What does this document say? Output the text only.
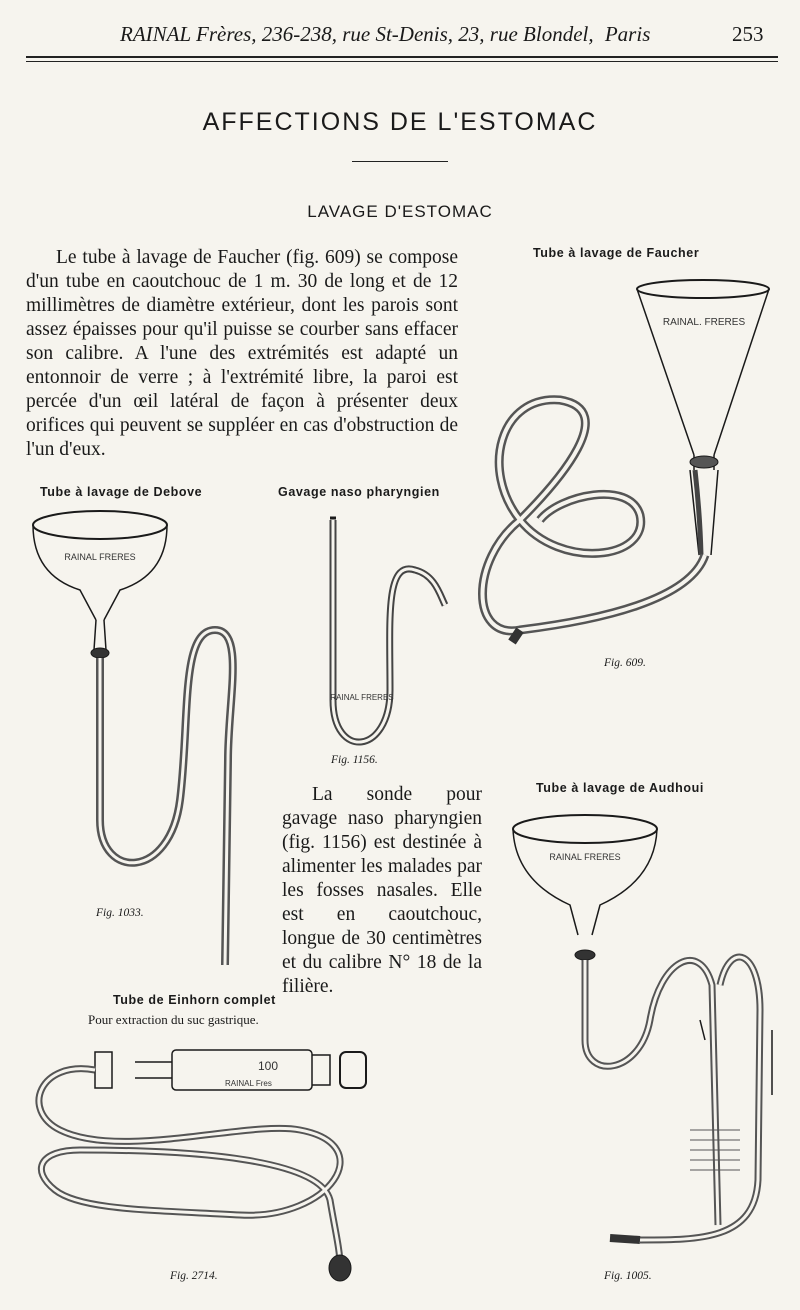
RAINAL Frères, 236-238, rue St-Denis, 23, rue Blondel, Paris	253
AFFECTIONS DE L'ESTOMAC
LAVAGE D'ESTOMAC
Le tube à lavage de Faucher (fig. 609) se compose d'un tube en caoutchouc de 1 m. 30 de long et de 12 millimètres de diamètre extérieur, dont les parois sont assez épaisses pour qu'il puisse se courber sans effacer son calibre. A l'une des extrémités est adapté un entonnoir de verre ; à l'extrémité libre, la paroi est percée d'un œil latéral de façon à présenter deux orifices qui peuvent se suppléer en cas d'obstruction de l'un d'eux.
La sonde pour gavage naso pharyngien (fig. 1156) est destinée à alimenter les malades par les fosses nasales. Elle est en caoutchouc, longue de 30 centimètres et du calibre N° 18 de la filière.
Tube à lavage de Faucher
Tube à lavage de Debove	Gavage naso pharyngien
Tube à lavage de Audhoui
Tube de Einhorn complet
Pour extraction du suc gastrique.
Fig. 609.
Fig. 1033.
Fig. 1156.
Fig. 1005.
Fig. 2714.
RAINAL. FRERES
RAINAL FRERES
RAINAL FRERES
RAINAL FRERES
100
RAINAL Fres
